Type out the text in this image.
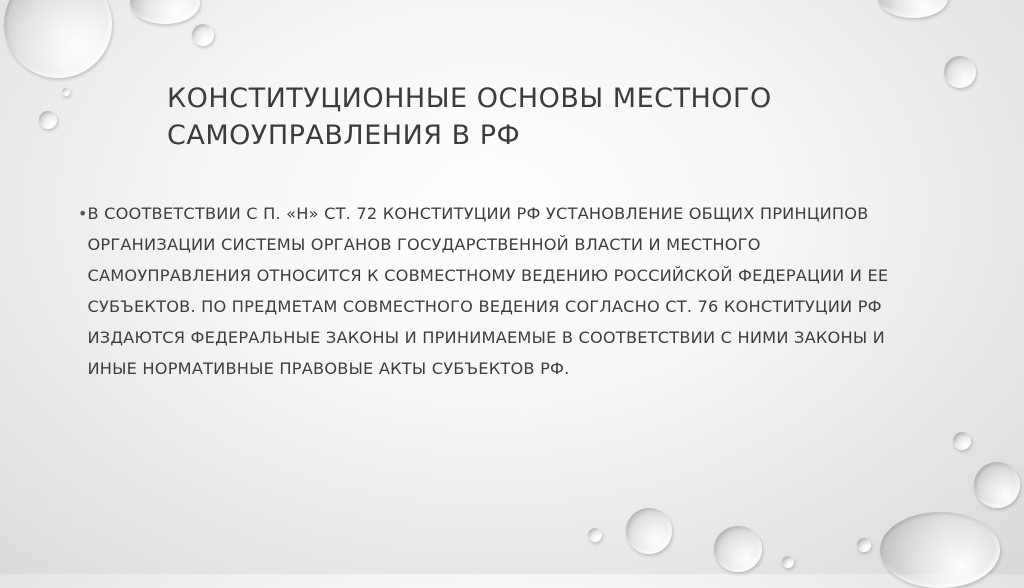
КОНСТИТУЦИОННЫЕ ОСНОВЫ МЕСТНОГО САМОУПРАВЛЕНИЯ В РФ
• В СООТВЕТСТВИИ С П. «Н» СТ. 72 КОНСТИТУЦИИ РФ УСТАНОВЛЕНИЕ ОБЩИХ ПРИНЦИПОВ ОРГАНИЗАЦИИ СИСТЕМЫ ОРГАНОВ ГОСУДАРСТВЕННОЙ ВЛАСТИ И МЕСТНОГО САМОУПРАВЛЕНИЯ ОТНОСИТСЯ К СОВМЕСТНОМУ ВЕДЕНИЮ РОССИЙСКОЙ ФЕДЕРАЦИИ И ЕЕ СУБЪЕКТОВ. ПО ПРЕДМЕТАМ СОВМЕСТНОГО ВЕДЕНИЯ СОГЛАСНО СТ. 76 КОНСТИТУЦИИ РФ ИЗДАЮТСЯ ФЕДЕРАЛЬНЫЕ ЗАКОНЫ И ПРИНИМАЕМЫЕ В СООТВЕТСТВИИ С НИМИ ЗАКОНЫ И ИНЫЕ НОРМАТИВНЫЕ ПРАВОВЫЕ АКТЫ СУБЪЕКТОВ РФ.
